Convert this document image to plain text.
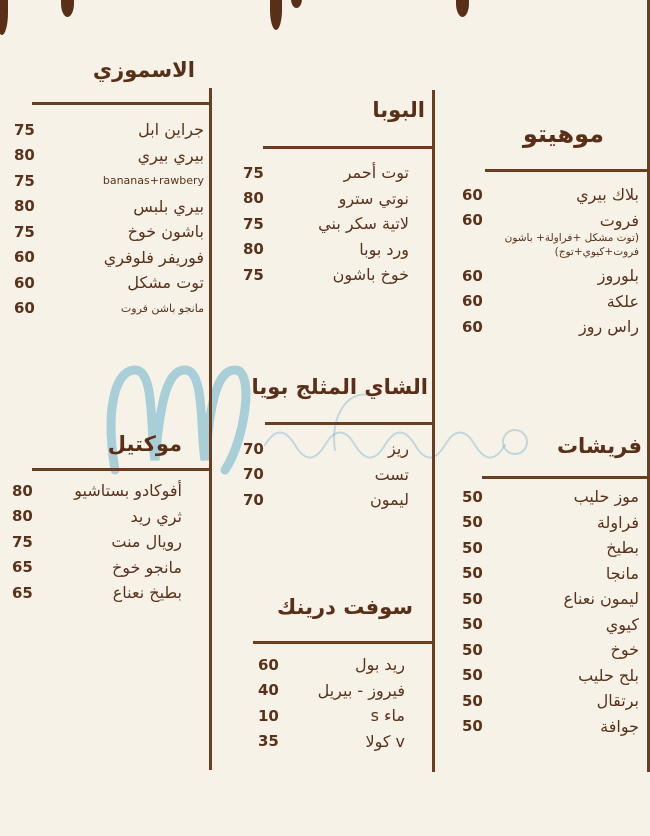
الاسموزي
75	جراين ابل
80	بيري بيري
75	bananas+rawbery
80	بيري بلبس
75	باشون خوخ
60	فوريفر فلوفري
60	توت مشكل
60	مانجو باشن فروت
موكتيل
80	أفوكادو بستاشيو
80	ثري ريد
75	رويال منت
65	مانجو خوخ
65	بطيخ نعناع
البوبا
75	توت أحمر
80	نوتي سترو
75	لاتية سكر بني
80	ورد بوبا
75	خوخ باشون
الشاي المثلج بويا
70	ريز
70	تست
70	ليمون
سوفت درينك
60	ريد بول
40 فيروز - بيريل
10	ماء s
35	v كولا
موهيتو
60	بلاك بيري
60	فروت
(توت مشكل +فراولة+ باشون فروت+كيوي+توج)
60	بلوروز
60	علكة
60	راس روز
فريشات
50	موز حليب
50	فراولة
50	بطيخ
50	مانجا
50	ليمون نعناع
50	كيوي
50	خوخ
50	بلح حليب
50	برتقال
50	جوافة
